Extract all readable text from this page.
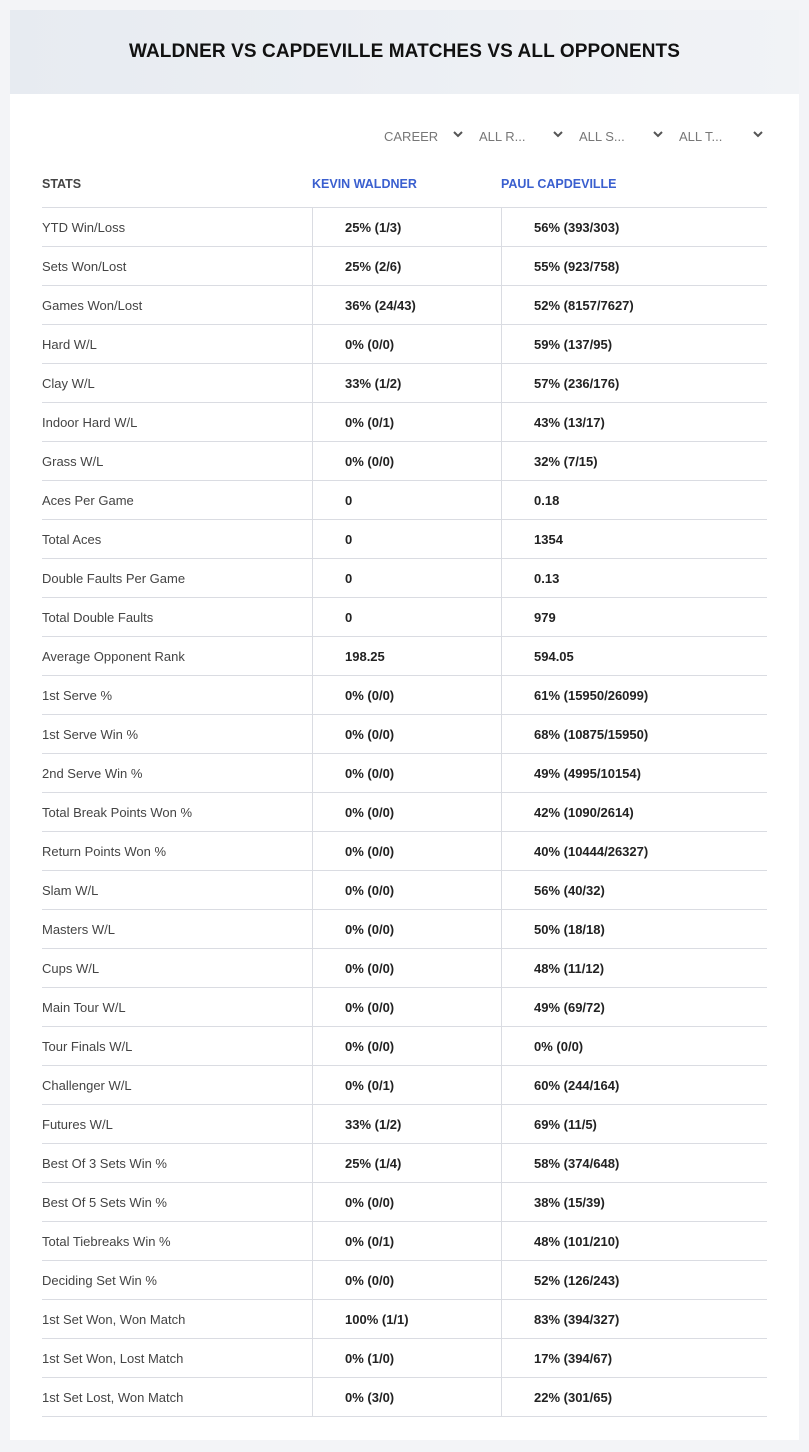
WALDNER VS CAPDEVILLE MATCHES VS ALL OPPONENTS
CAREER	ALL R...	ALL S...	ALL T...
STATS	KEVIN WALDNER	PAUL CAPDEVILLE
YTD Win/Loss	25% (1/3)	56% (393/303)
Sets Won/Lost	25% (2/6)	55% (923/758)
Games Won/Lost	36% (24/43)	52% (8157/7627)
Hard W/L	0% (0/0)	59% (137/95)
Clay W/L	33% (1/2)	57% (236/176)
Indoor Hard W/L	0% (0/1)	43% (13/17)
Grass W/L	0% (0/0)	32% (7/15)
Aces Per Game	0	0.18
Total Aces	0	1354
Double Faults Per Game	0	0.13
Total Double Faults	0	979
Average Opponent Rank	198.25	594.05
1st Serve %	0% (0/0)	61% (15950/26099)
1st Serve Win %	0% (0/0)	68% (10875/15950)
2nd Serve Win %	0% (0/0)	49% (4995/10154)
Total Break Points Won %	0% (0/0)	42% (1090/2614)
Return Points Won %	0% (0/0)	40% (10444/26327)
Slam W/L	0% (0/0)	56% (40/32)
Masters W/L	0% (0/0)	50% (18/18)
Cups W/L	0% (0/0)	48% (11/12)
Main Tour W/L	0% (0/0)	49% (69/72)
Tour Finals W/L	0% (0/0)	0% (0/0)
Challenger W/L	0% (0/1)	60% (244/164)
Futures W/L	33% (1/2)	69% (11/5)
Best Of 3 Sets Win %	25% (1/4)	58% (374/648)
Best Of 5 Sets Win %	0% (0/0)	38% (15/39)
Total Tiebreaks Win %	0% (0/1)	48% (101/210)
Deciding Set Win %	0% (0/0)	52% (126/243)
1st Set Won, Won Match	100% (1/1)	83% (394/327)
1st Set Won, Lost Match	0% (1/0)	17% (394/67)
1st Set Lost, Won Match	0% (3/0)	22% (301/65)
